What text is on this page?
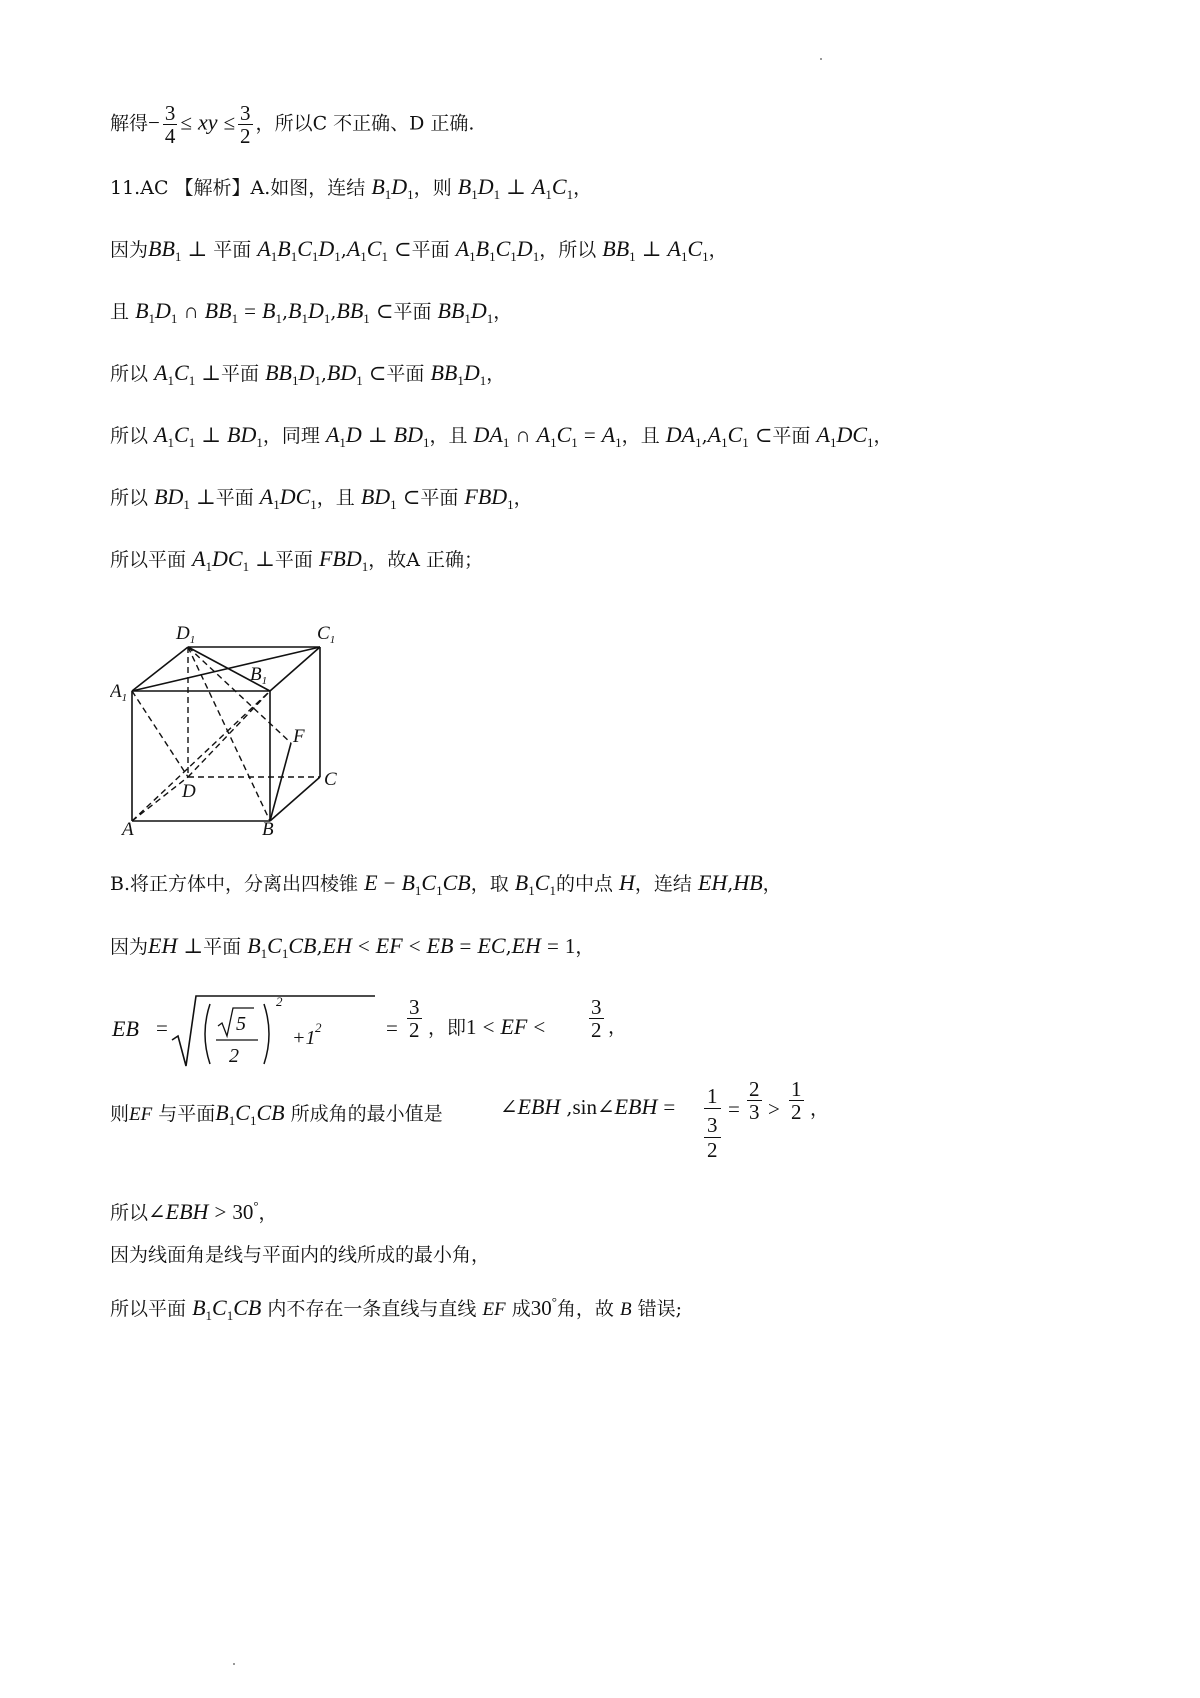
解得− $\frac{3}{4}$ ≤ xy ≤ $\frac{3}{2}$ ，所以C 不正确、D 正确.
11.AC 【解析】A.如图，连结 $B_1D_1$，则 $B_1D_1$ ⊥ $A_1C_1$，
因为$BB_1$ ⊥ 平面 $A_1B_1C_1D_1,A_1C_1$ ⊂平面 $A_1B_1C_1D_1$，所以 $BB_1$ ⊥ $A_1C_1$，
且 $B_1D_1$ ∩ $BB_1 = B_1,B_1D_1,BB_1$ ⊂平面 $BB_1D_1$，
所以 $A_1C_1$ ⊥平面 $BB_1D_1,BD_1$ ⊂平面 $BB_1D_1$，
所以 $A_1C_1$ ⊥ $BD_1$，同理 $A_1D$ ⊥ $BD_1$，且 $DA_1$ ∩ $A_1C_1 = A_1$，且 $DA_1,A_1C_1$ ⊂平面 $A_1DC_1$，
所以 $BD_1$ ⊥平面 $A_1DC_1$，且 $BD_1$ ⊂平面 $FBD_1$，
所以平面 $A_1DC_1$ ⊥平面 $FBD_1$，故A 正确；
$D_1$	$C_1$
$B_1$
$A_1$
F
D
C
A	B
B.将正方体中，分离出四棱锥 $E - B_1C_1CB$，取 $B_1C_1$的中点 H，连结 EH,HB，
因为EH ⊥平面 $B_1C_1CB,EH$ < EF < EB = EC,EH = 1，
EB =	5
2
2
+1 2	= $\frac{3}{2}$ ，即1 < EF < $\frac{3}{2}$ ，
则EF 与平面$B_1C_1CB$ 所成角的最小值是	∠EBH ,sin∠EBH = 1
3
2
= $\frac{2}{3} > \frac{1}{2}$ ，
所以∠EBH > 30°，
因为线面角是线与平面内的线所成的最小角，
所以平面 $B_1C_1CB$ 内不存在一条直线与直线 EF 成30°角，故 B 错误;
